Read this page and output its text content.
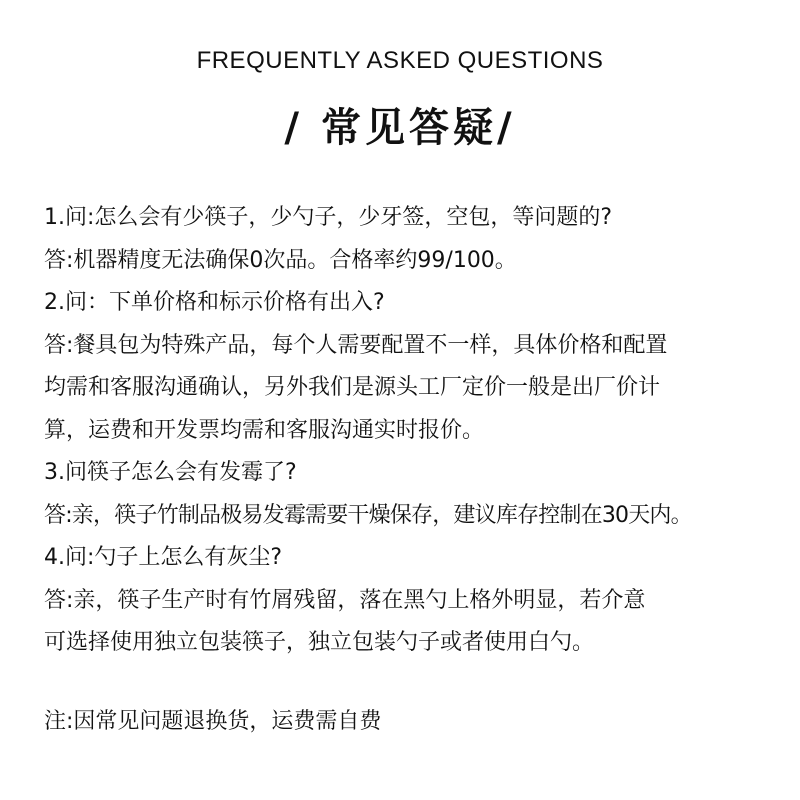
FREQUENTLY ASKED QUESTIONS
/ 常见答疑/
1.问:怎么会有少筷子，少勺子，少牙签，空包，等问题的?
答:机器精度无法确保0次品。合格率约99/100。
2.问：下单价格和标示价格有出入?
答:餐具包为特殊产品，每个人需要配置不一样，具体价格和配置
均需和客服沟通确认，另外我们是源头工厂定价一般是出厂价计
算，运费和开发票均需和客服沟通实时报价。
3.问筷子怎么会有发霉了?
答:亲，筷子竹制品极易发霉需要干燥保存，建议库存控制在30天内。
4.问:勺子上怎么有灰尘?
答:亲，筷子生产时有竹屑残留，落在黑勺上格外明显，若介意
可选择使用独立包装筷子，独立包装勺子或者使用白勺。
注:因常见问题退换货，运费需自费
